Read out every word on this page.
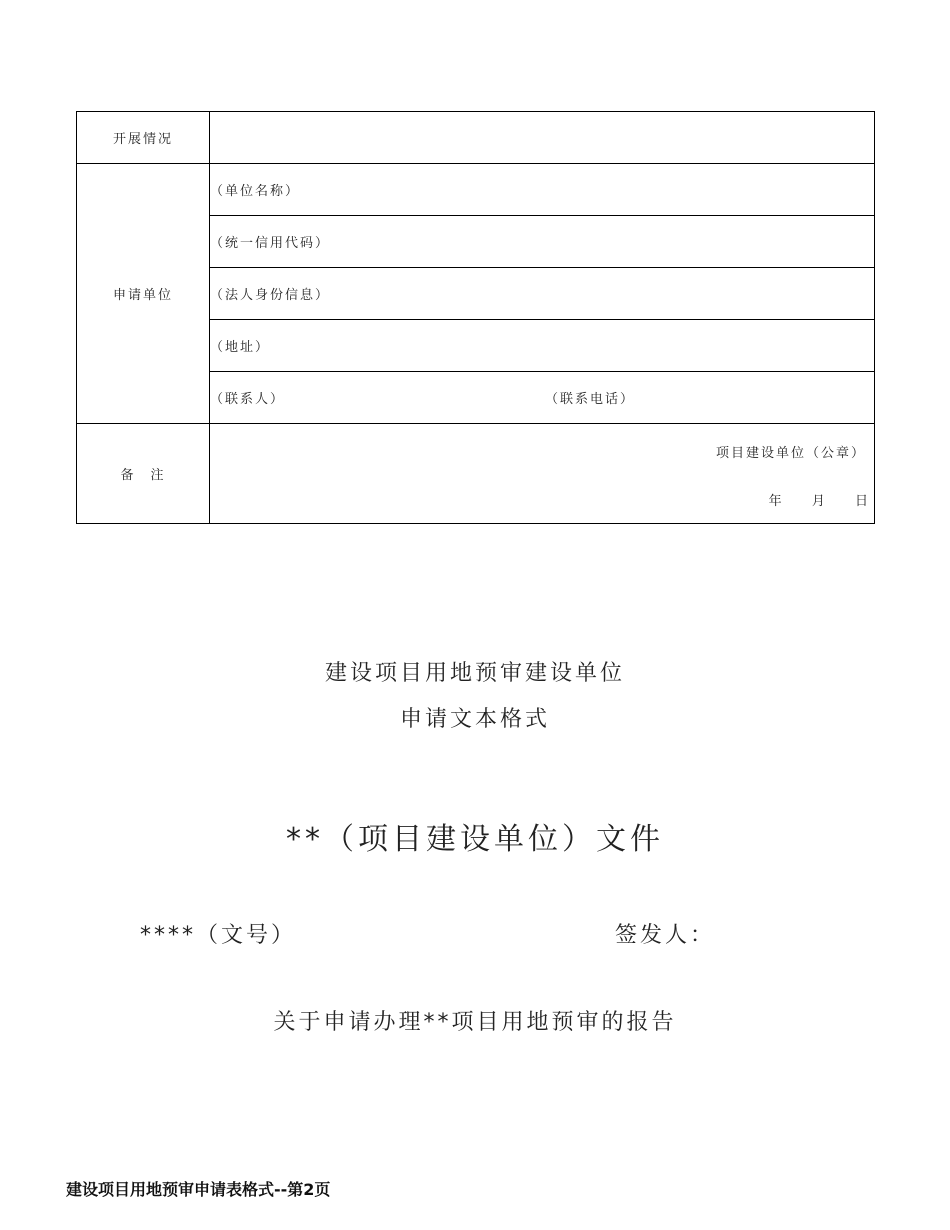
开展情况	
申请单位	（单位名称）
	（统一信用代码）
	（法人身份信息）
	（地址）
	（联系人） （联系电话）

备　注	项目建设单位（公章）
年 月 日
建设项目用地预审建设单位
申请文本格式
**（项目建设单位）文件
****（文号）	签发人：
关于申请办理**项目用地预审的报告
建设项目用地预审申请表格式--第2页
